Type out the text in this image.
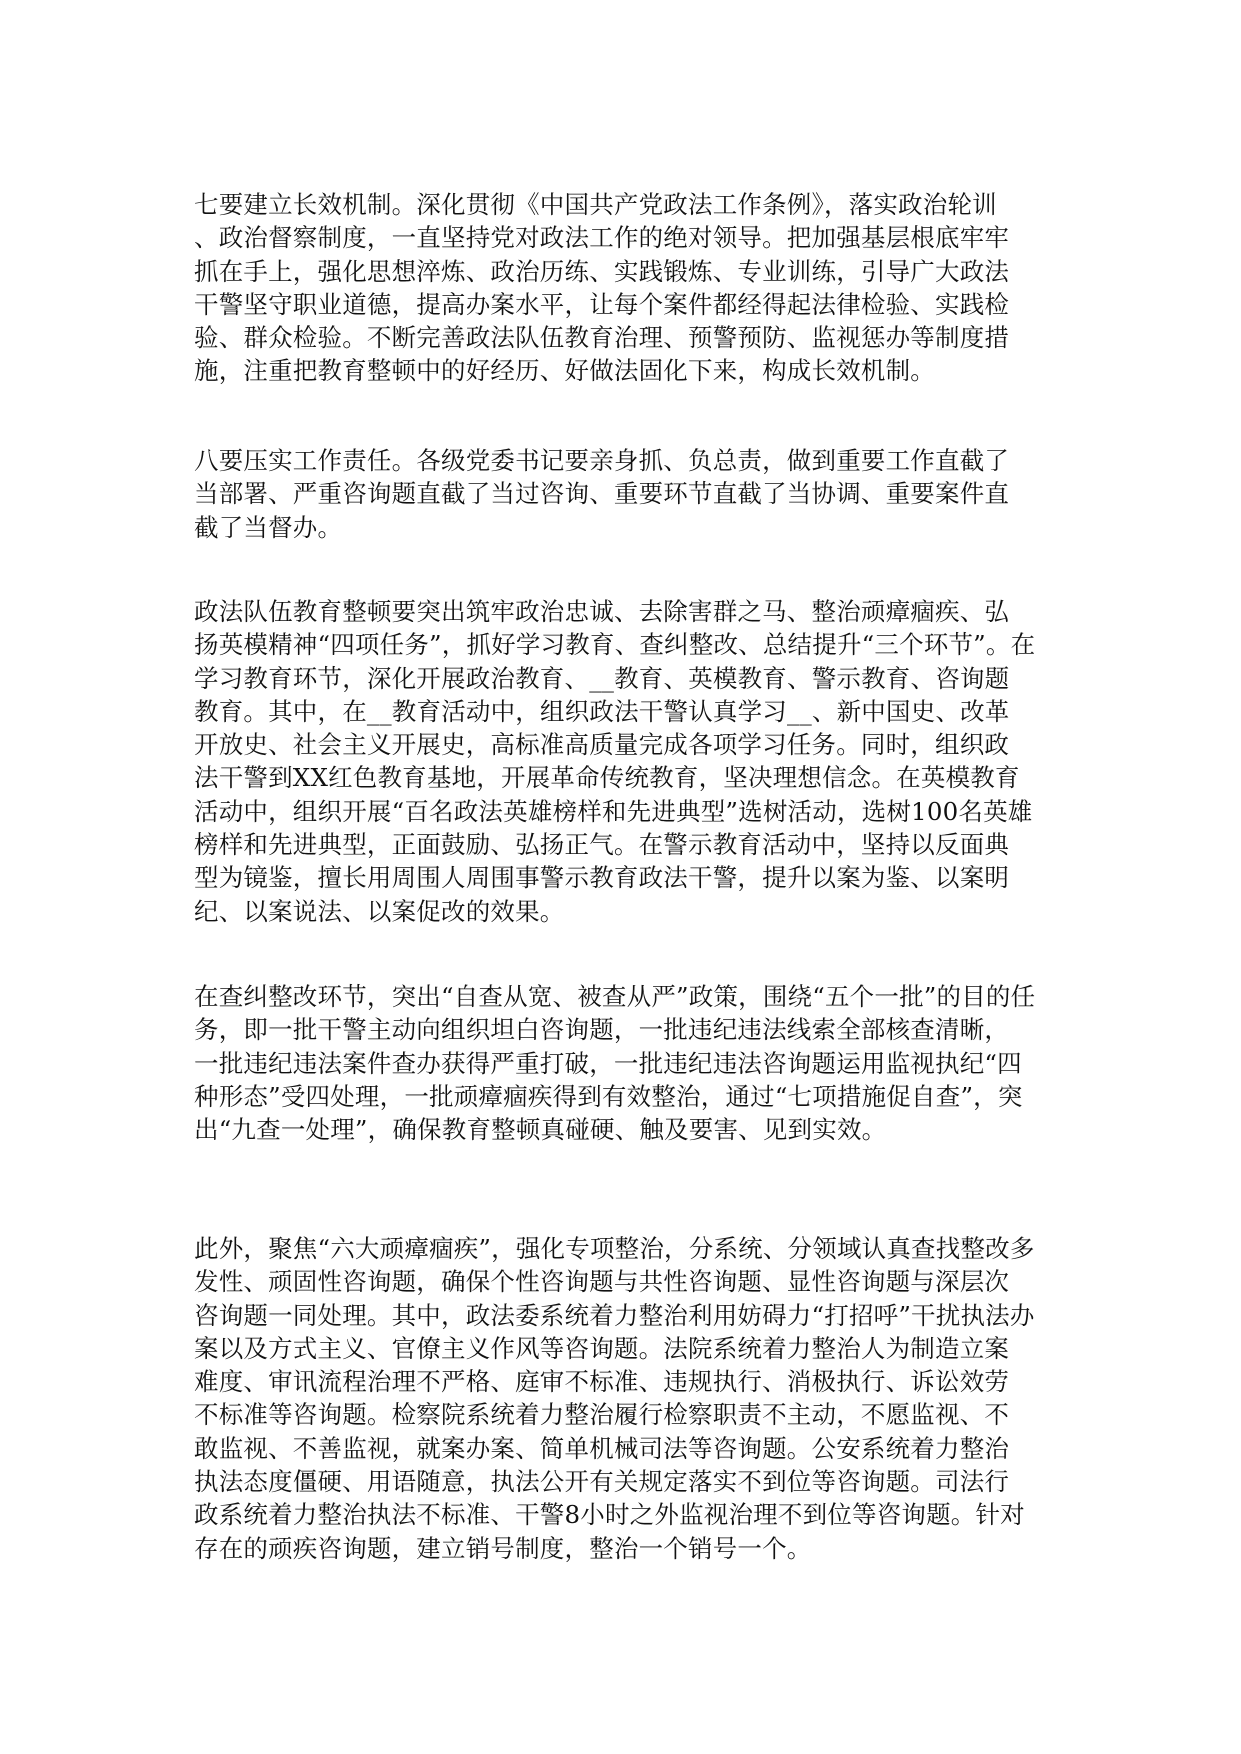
七要建立长效机制。深化贯彻《中国共产党政法工作条例》，落实政治轮训
、政治督察制度，一直坚持党对政法工作的绝对领导。把加强基层根底牢牢
抓在手上，强化思想淬炼、政治历练、实践锻炼、专业训练，引导广大政法
干警坚守职业道德，提高办案水平，让每个案件都经得起法律检验、实践检
验、群众检验。不断完善政法队伍教育治理、预警预防、监视惩办等制度措
施，注重把教育整顿中的好经历、好做法固化下来，构成长效机制。
八要压实工作责任。各级党委书记要亲身抓、负总责，做到重要工作直截了
当部署、严重咨询题直截了当过咨询、重要环节直截了当协调、重要案件直
截了当督办。
政法队伍教育整顿要突出筑牢政治忠诚、去除害群之马、整治顽瘴痼疾、弘
扬英模精神“四项任务”，抓好学习教育、查纠整改、总结提升“三个环节”。在
学习教育环节，深化开展政治教育、__教育、英模教育、警示教育、咨询题
教育。其中，在__教育活动中，组织政法干警认真学习__、新中国史、改革
开放史、社会主义开展史，高标准高质量完成各项学习任务。同时，组织政
法干警到XX红色教育基地，开展革命传统教育，坚决理想信念。在英模教育
活动中，组织开展“百名政法英雄榜样和先进典型”选树活动，选树100名英雄
榜样和先进典型，正面鼓励、弘扬正气。在警示教育活动中，坚持以反面典
型为镜鉴，擅长用周围人周围事警示教育政法干警，提升以案为鉴、以案明
纪、以案说法、以案促改的效果。
在查纠整改环节，突出“自查从宽、被查从严”政策，围绕“五个一批”的目的任
务，即一批干警主动向组织坦白咨询题，一批违纪违法线索全部核查清晰，
一批违纪违法案件查办获得严重打破，一批违纪违法咨询题运用监视执纪“四
种形态”受四处理，一批顽瘴痼疾得到有效整治，通过“七项措施促自查”，突
出“九查一处理”，确保教育整顿真碰硬、触及要害、见到实效。
此外，聚焦“六大顽瘴痼疾”，强化专项整治，分系统、分领域认真查找整改多
发性、顽固性咨询题，确保个性咨询题与共性咨询题、显性咨询题与深层次
咨询题一同处理。其中，政法委系统着力整治利用妨碍力“打招呼”干扰执法办
案以及方式主义、官僚主义作风等咨询题。法院系统着力整治人为制造立案
难度、审讯流程治理不严格、庭审不标准、违规执行、消极执行、诉讼效劳
不标准等咨询题。检察院系统着力整治履行检察职责不主动，不愿监视、不
敢监视、不善监视，就案办案、简单机械司法等咨询题。公安系统着力整治
执法态度僵硬、用语随意，执法公开有关规定落实不到位等咨询题。司法行
政系统着力整治执法不标准、干警8小时之外监视治理不到位等咨询题。针对
存在的顽疾咨询题，建立销号制度，整治一个销号一个。
